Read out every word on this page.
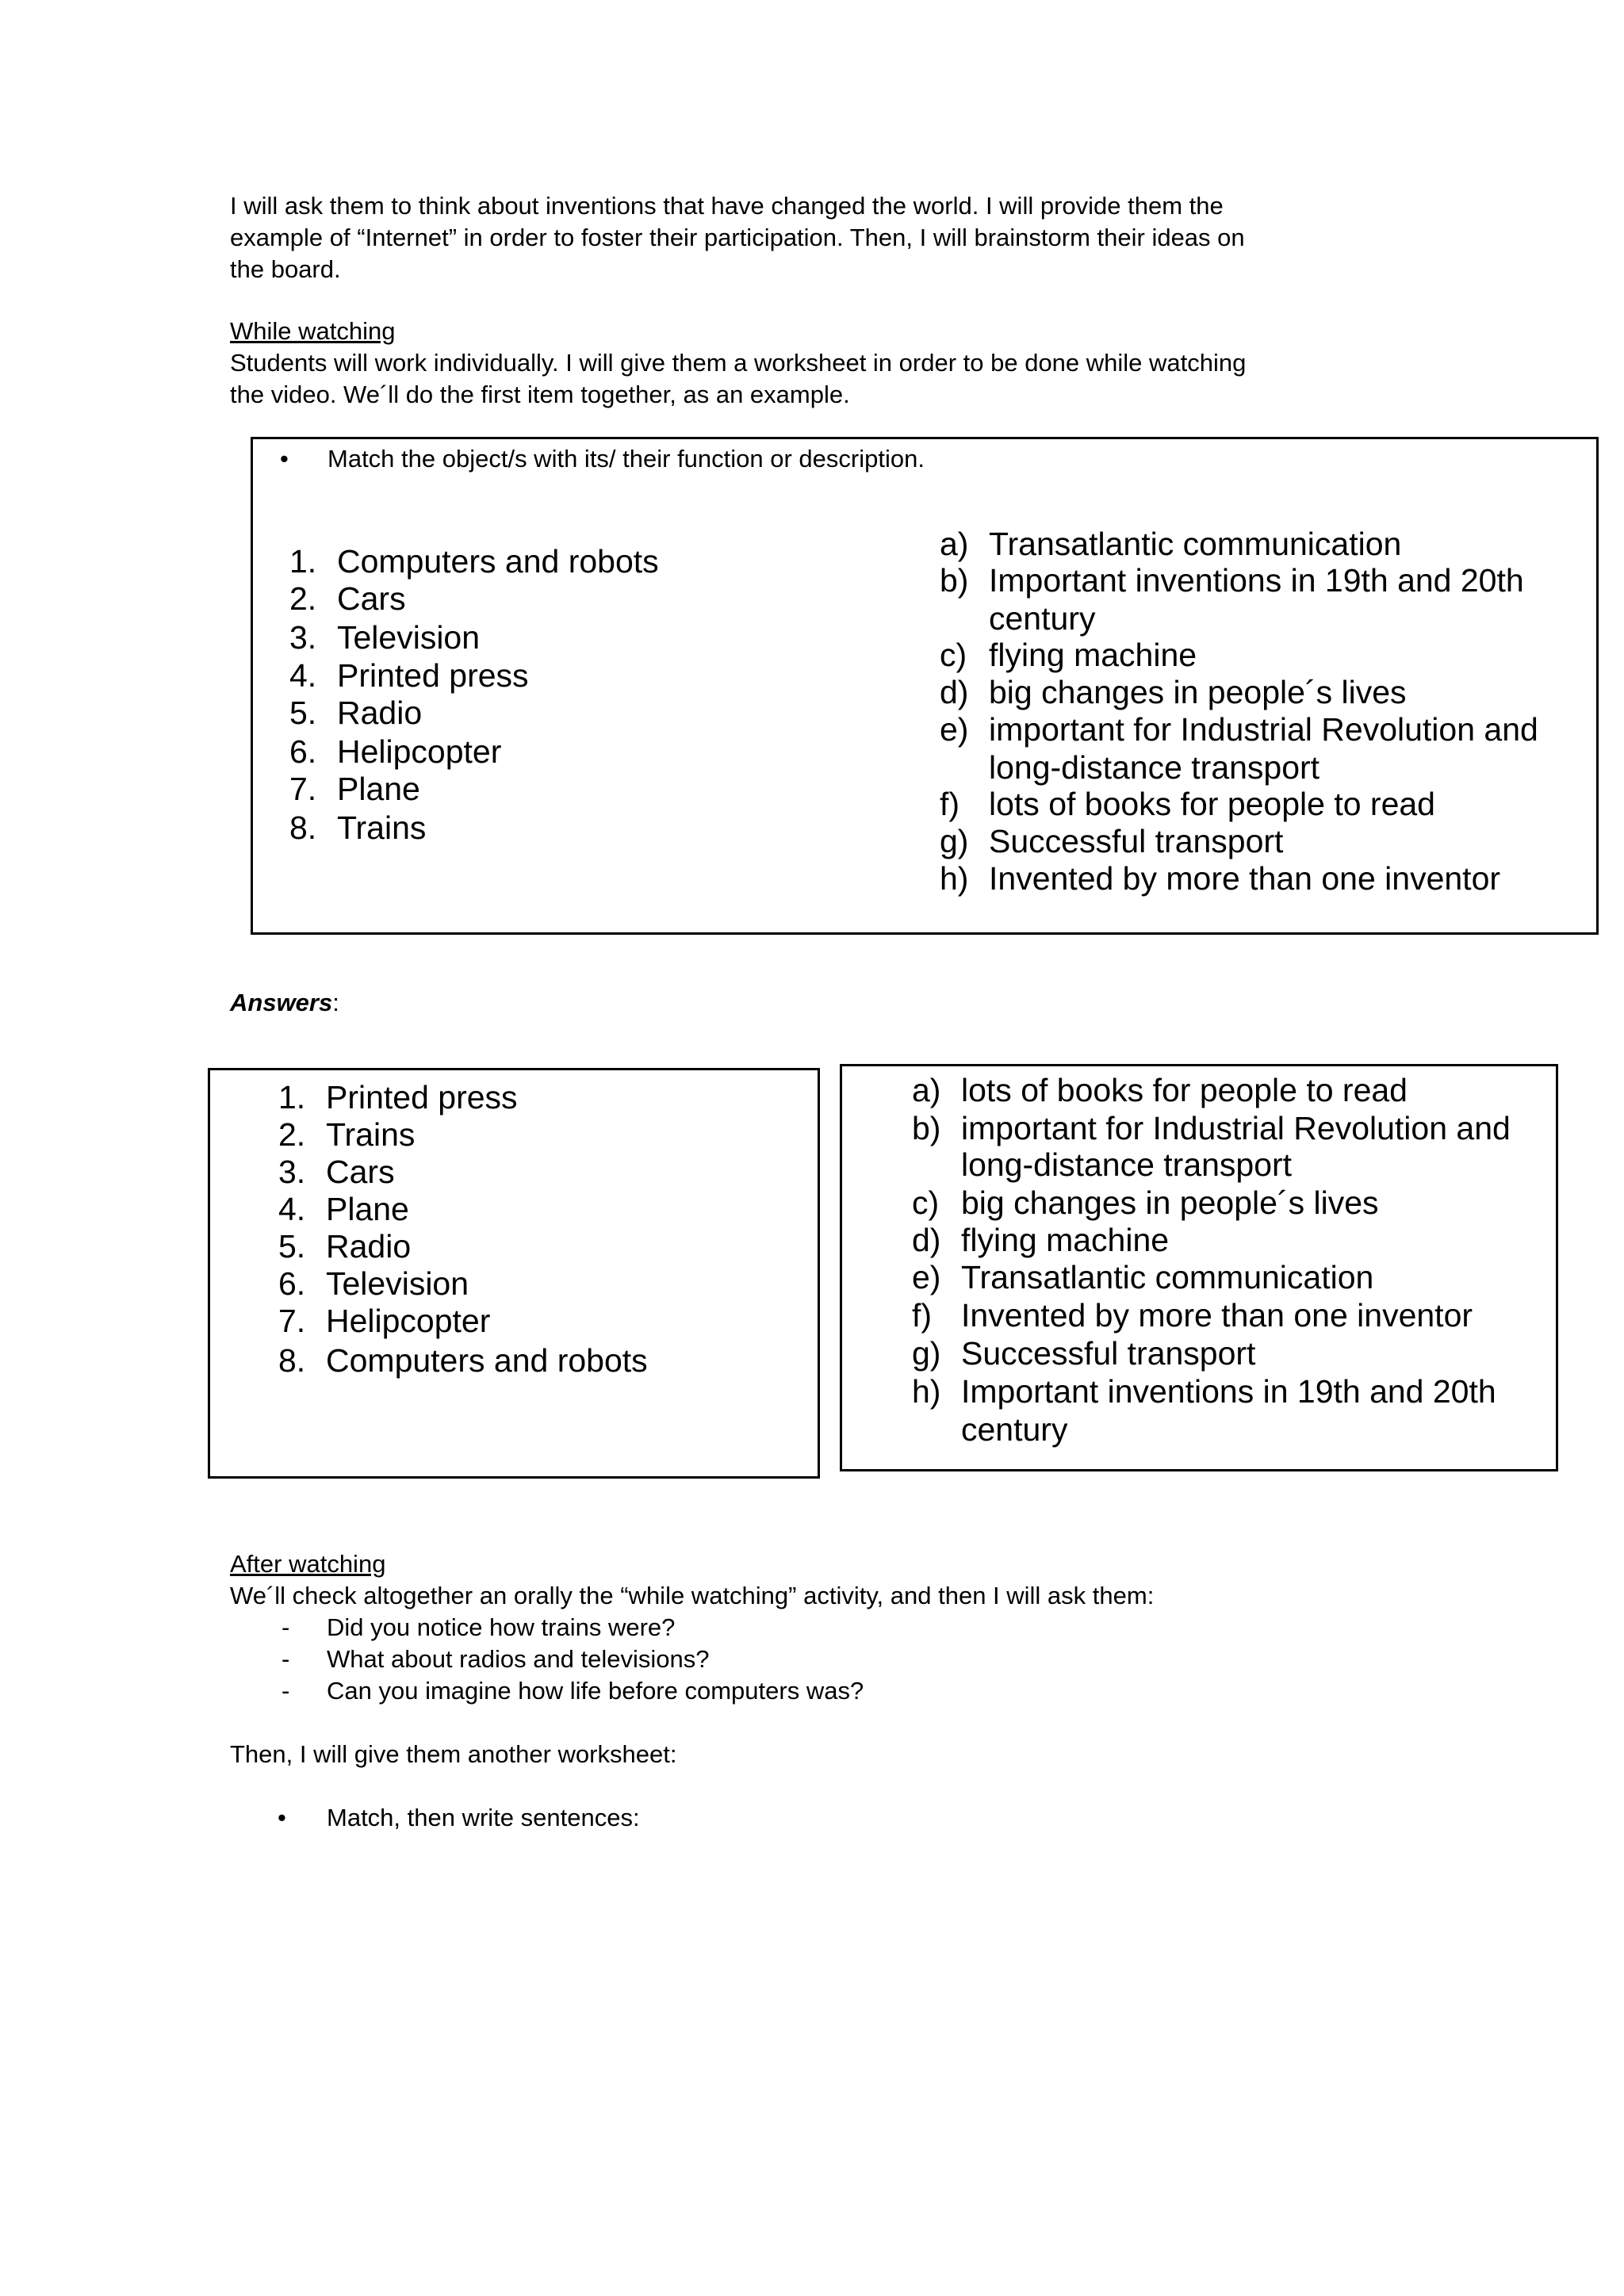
I will ask them to think about inventions that have changed the world. I will provide them the
example of “Internet” in order to foster their participation. Then, I will brainstorm their ideas on
the board.
While watching
Students will work individually. I will give them a worksheet in order to be done while watching
the video. We´ll do the first item together, as an example.
• Match the object/s with its/ their function or description.
1. Computers and robots
2. Cars
3. Television
4. Printed press
5. Radio
6. Helipcopter
7. Plane
8. Trains
a) Transatlantic communication
b) Important inventions in 19th and 20th
century
c) flying machine
d) big changes in people´s lives
e) important for Industrial Revolution and
long-distance transport
f) lots of books for people to read
g) Successful transport
h) Invented by more than one inventor
Answers:
1. Printed press
2. Trains
3. Cars
4. Plane
5. Radio
6. Television
7. Helipcopter
8. Computers and robots
a) lots of books for people to read
b) important for Industrial Revolution and
long-distance transport
c) big changes in people´s lives
d) flying machine
e) Transatlantic communication
f) Invented by more than one inventor
g) Successful transport
h) Important inventions in 19th and 20th
century
After watching
We´ll check altogether an orally the “while watching” activity, and then I will ask them:
- Did you notice how trains were?
- What about radios and televisions?
- Can you imagine how life before computers was?
Then, I will give them another worksheet:
• Match, then write sentences:
